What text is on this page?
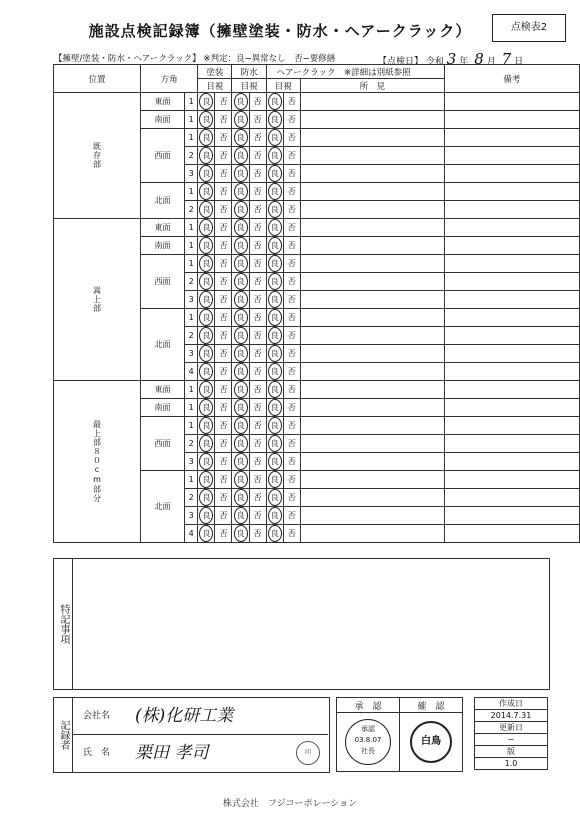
施設点検記録簿（擁壁塗装・防水・ヘアークラック）	点検表2
【擁壁/塗装・防水・ヘアークラック】 ※判定：良−異常なし　否−要修繕	【点検日】 令和 3 年 8 月 7 日
位置	方角		塗装		防水		ヘアークラック　 ※詳細は別紙参照			備考
			目視		目視		目視		所　見	
既存部	東面	1	良	否	良	否	良	否		
	南面	1	良	否	良	否	良	否		
	西面	1	良	否	良	否	良	否		
		2	良	否	良	否	良	否		
		3	良	否	良	否	良	否		
	北面	1	良	否	良	否	良	否		
		2	良	否	良	否	良	否		
嵩上部	東面	1	良	否	良	否	良	否		
	南面	1	良	否	良	否	良	否		
	西面	1	良	否	良	否	良	否		
		2	良	否	良	否	良	否		
		3	良	否	良	否	良	否		
	北面	1	良	否	良	否	良	否		
		2	良	否	良	否	良	否		
		3	良	否	良	否	良	否		
		4	良	否	良	否	良	否		
最上部８０cm部分	東面	1	良	否	良	否	良	否		
	南面	1	良	否	良	否	良	否		
	西面	1	良	否	良	否	良	否		
		2	良	否	良	否	良	否		
		3	良	否	良	否	良	否		
	北面	1	良	否	良	否	良	否		
		2	良	否	良	否	良	否		
		3	良	否	良	否	良	否		
		4	良	否	良	否	良	否		
特記事項
記録者
会社名	(株)化研工業
氏　名	栗田 孝司	印
承　認	確　認

承認
03.8.07
社長	白鳥
作成日
2014.7.31
更新日
−
版
1.0
株式会社　フジコーポレーション
